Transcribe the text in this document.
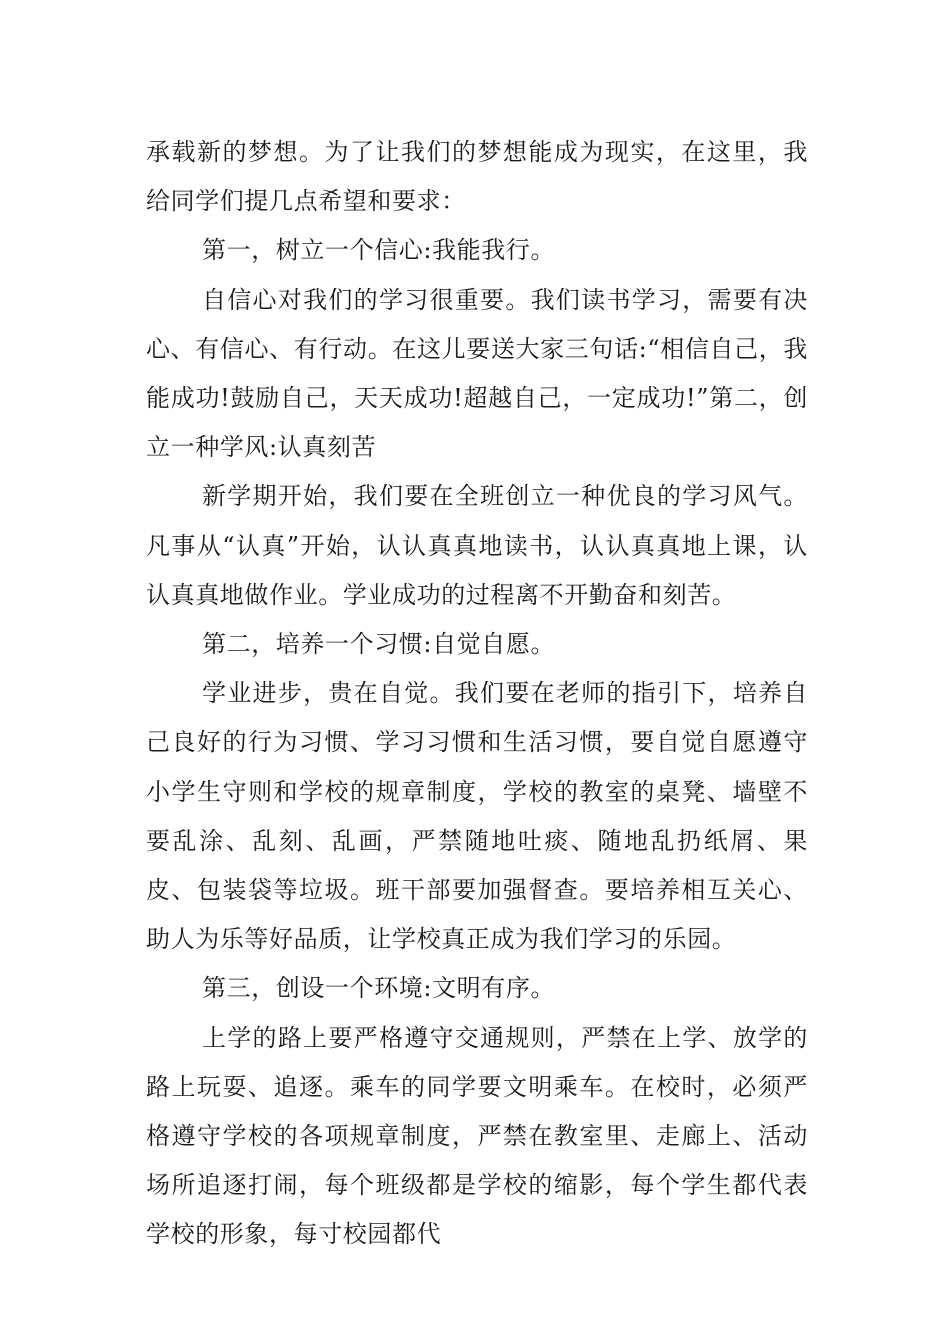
承载新的梦想。为了让我们的梦想能成为现实，在这里，我给同学们提几点希望和要求：

第一，树立一个信心:我能我行。

自信心对我们的学习很重要。我们读书学习，需要有决心、有信心、有行动。在这儿要送大家三句话:“相信自己，我能成功!鼓励自己，天天成功!超越自己，一定成功!”第二，创立一种学风:认真刻苦

新学期开始，我们要在全班创立一种优良的学习风气。凡事从“认真”开始，认认真真地读书，认认真真地上课，认认真真地做作业。学业成功的过程离不开勤奋和刻苦。

第二，培养一个习惯:自觉自愿。

学业进步，贵在自觉。我们要在老师的指引下，培养自己良好的行为习惯、学习习惯和生活习惯，要自觉自愿遵守小学生守则和学校的规章制度，学校的教室的桌凳、墙壁不要乱涂、乱刻、乱画，严禁随地吐痰、随地乱扔纸屑、果皮、包装袋等垃圾。班干部要加强督查。要培养相互关心、助人为乐等好品质，让学校真正成为我们学习的乐园。

第三，创设一个环境:文明有序。

上学的路上要严格遵守交通规则，严禁在上学、放学的路上玩耍、追逐。乘车的同学要文明乘车。在校时，必须严格遵守学校的各项规章制度，严禁在教室里、走廊上、活动场所追逐打闹，每个班级都是学校的缩影，每个学生都代表学校的形象，每寸校园都代
